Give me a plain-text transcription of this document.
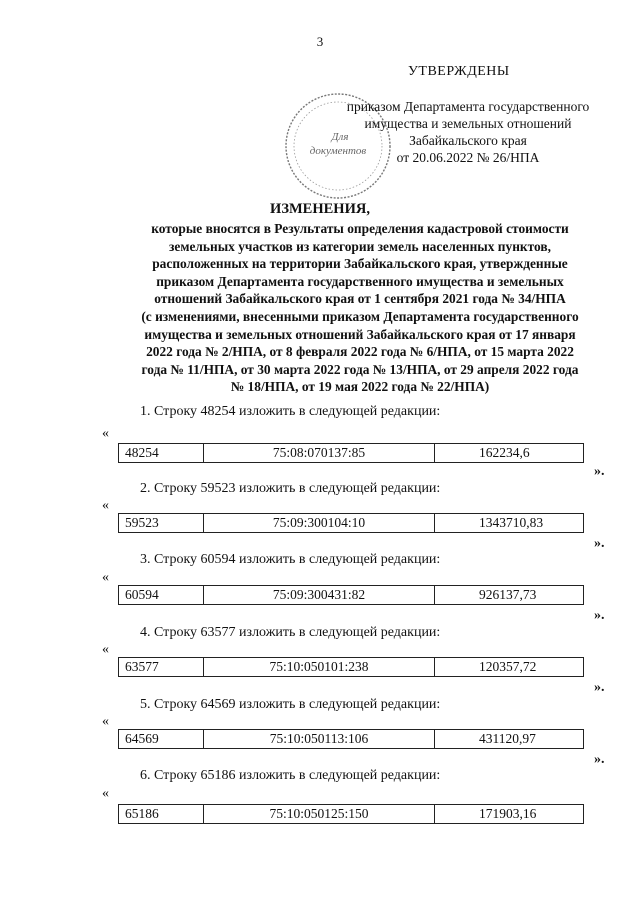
3
УТВЕРЖДЕНЫ
Для
документов
приказом Департамента государственного
имущества и земельных отношений
Забайкальского края
от 20.06.2022 № 26/НПА
ИЗМЕНЕНИЯ,
которые вносятся в Результаты определения кадастровой стоимости
земельных участков из категории земель населенных пунктов,
расположенных на территории Забайкальского края, утвержденные
приказом Департамента государственного имущества и земельных
отношений Забайкальского края от 1 сентября 2021 года № 34/НПА
(с изменениями, внесенными приказом Департамента государственного
имущества и земельных отношений Забайкальского края от 17 января
2022 года № 2/НПА, от 8 февраля 2022 года № 6/НПА, от 15 марта 2022
года № 11/НПА, от 30 марта 2022 года № 13/НПА, от 29 апреля 2022 года
№ 18/НПА, от 19 мая 2022 года № 22/НПА)
1. Строку 48254 изложить в следующей редакции:
«
48254	75:08:070137:85	162234,6
».
2. Строку 59523 изложить в следующей редакции:
«
59523	75:09:300104:10	1343710,83
».
3. Строку 60594 изложить в следующей редакции:
«
60594	75:09:300431:82	926137,73
».
4. Строку 63577 изложить в следующей редакции:
«
63577	75:10:050101:238	120357,72
».
5. Строку 64569 изложить в следующей редакции:
«
64569	75:10:050113:106	431120,97
».
6. Строку 65186 изложить в следующей редакции:
«
65186	75:10:050125:150	171903,16
